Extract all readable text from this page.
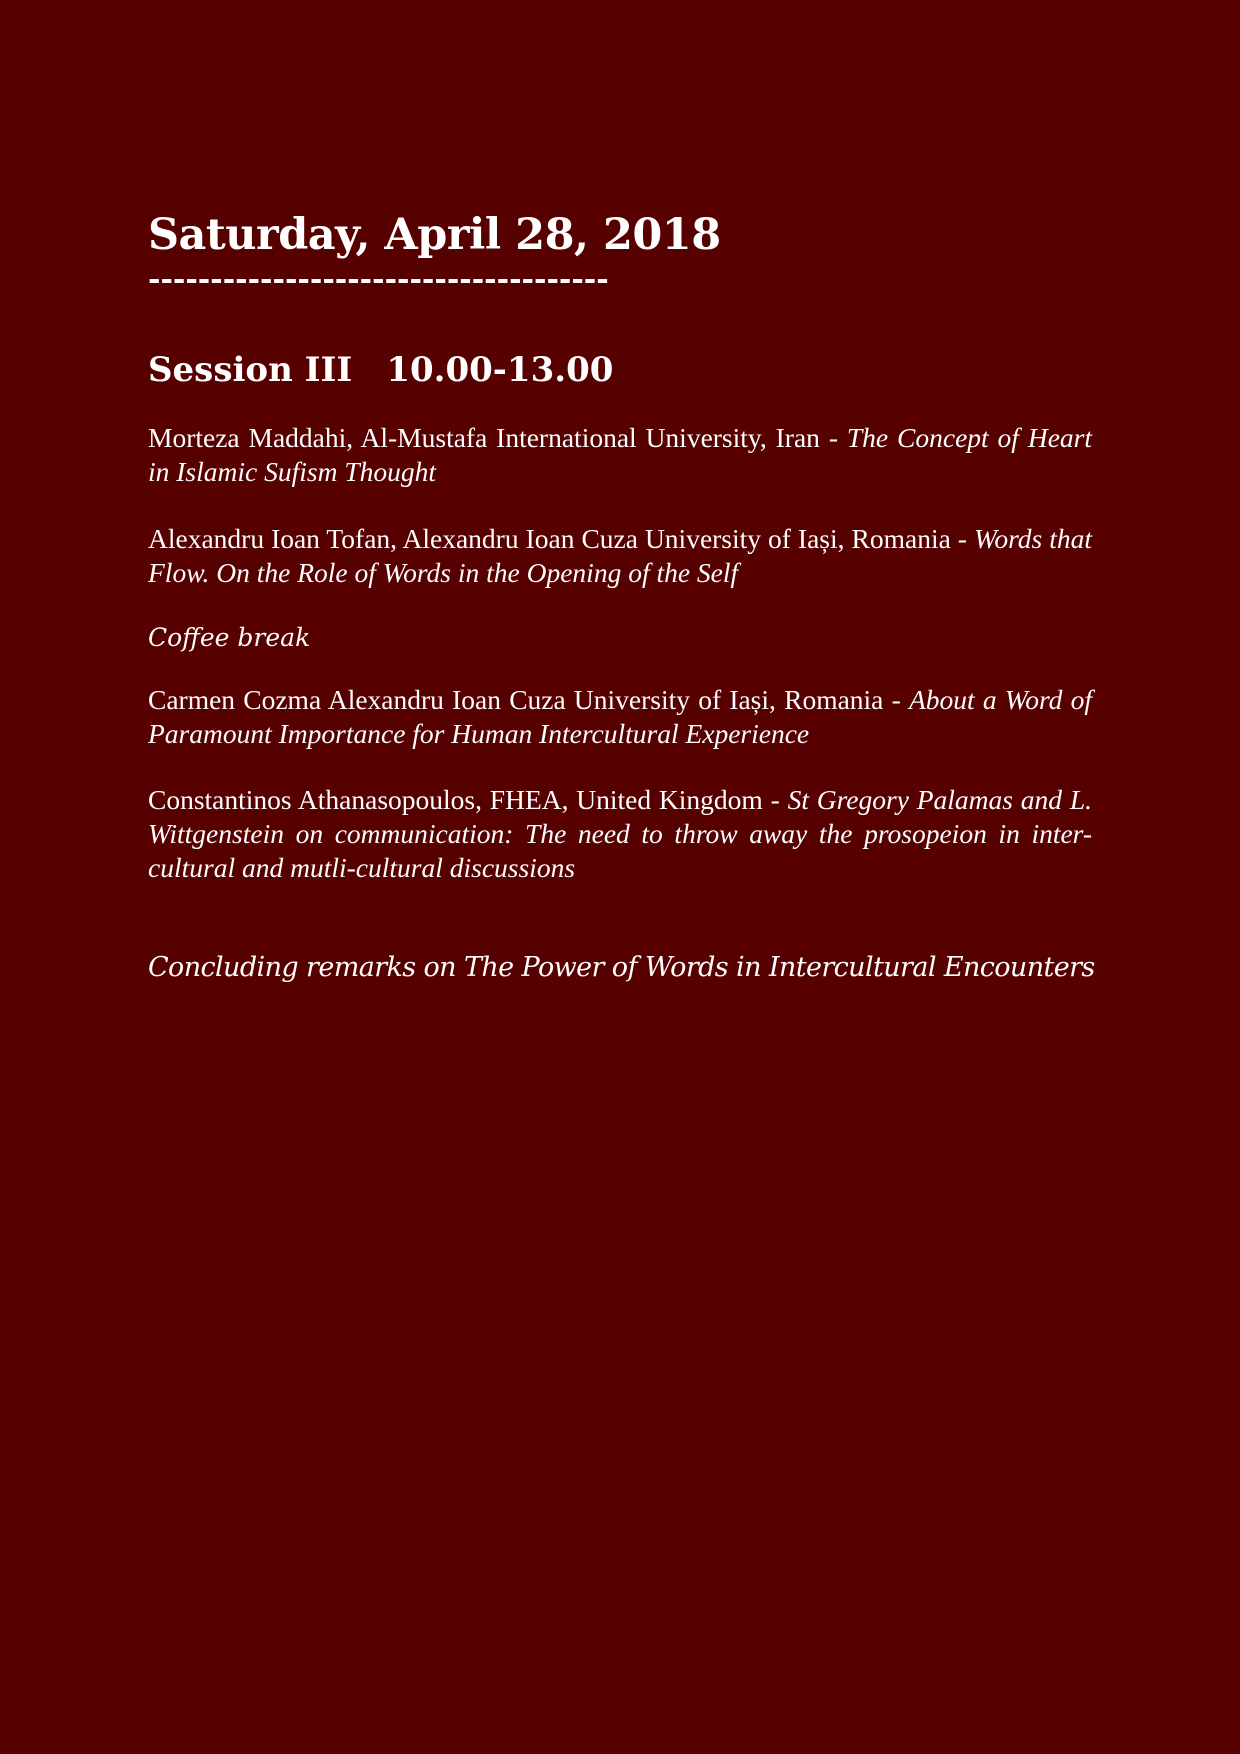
Saturday, April 28, 2018
-------------------------------------
Session III 10.00-13.00

Morteza Maddahi, Al-Mustafa International University, Iran - The Concept of Heart in Islamic Sufism Thought

Alexandru Ioan Tofan, Alexandru Ioan Cuza University of Iași, Romania - Words that Flow. On the Role of Words in the Opening of the Self

Coffee break

Carmen Cozma Alexandru Ioan Cuza University of Iași, Romania - About a Word of Paramount Importance for Human Intercultural Experience

Constantinos Athanasopoulos, FHEA, United Kingdom - St Gregory Palamas and L. Wittgenstein on communication: The need to throw away the prosopeion in inter-cultural and mutli-cultural discussions

Concluding remarks on The Power of Words in Intercultural Encounters
